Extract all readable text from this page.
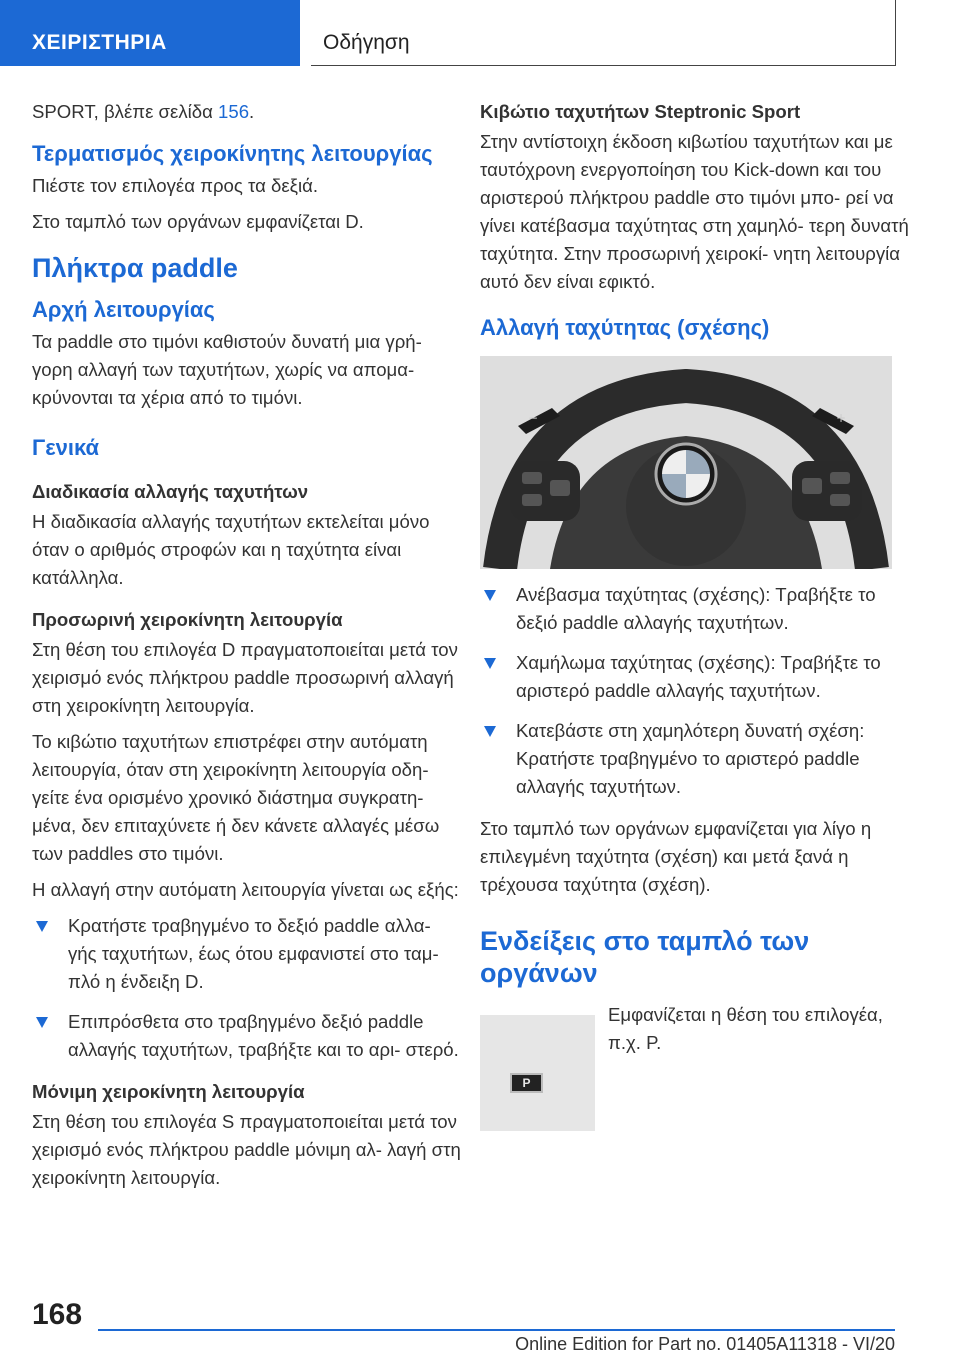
ΧΕΙΡΙΣΤΗΡΙΑ	Οδήγηση

SPORT, βλέπε σελίδα 156.

Τερματισμός χειροκίνητης λειτουργίας

Πιέστε τον επιλογέα προς τα δεξιά.

Στο ταμπλό των οργάνων εμφανίζεται D.

Πλήκτρα paddle
Αρχή λειτουργίας

Τα paddle στο τιμόνι καθιστούν δυνατή μια γρή- γορη αλλαγή των ταχυτήτων, χωρίς να απομα- κρύνονται τα χέρια από το τιμόνι.

Γενικά
Διαδικασία αλλαγής ταχυτήτων

Η διαδικασία αλλαγής ταχυτήτων εκτελείται μόνο όταν ο αριθμός στροφών και η ταχύτητα είναι κατάλληλα.

Προσωρινή χειροκίνητη λειτουργία

Στη θέση του επιλογέα D πραγματοποιείται μετά τον χειρισμό ενός πλήκτρου paddle προσωρινή αλλαγή στη χειροκίνητη λειτουργία.

Το κιβώτιο ταχυτήτων επιστρέφει στην αυτόματη λειτουργία, όταν στη χειροκίνητη λειτουργία οδη- γείτε ένα ορισμένο χρονικό διάστημα συγκρατη- μένα, δεν επιταχύνετε ή δεν κάνετε αλλαγές μέσω των paddles στο τιμόνι.

Η αλλαγή στην αυτόματη λειτουργία γίνεται ως εξής:

Κρατήστε τραβηγμένο το δεξιό paddle αλλα- γής ταχυτήτων, έως ότου εμφανιστεί στο ταμ- πλό η ένδειξη D.
Επιπρόσθετα στο τραβηγμένο δεξιό paddle αλλαγής ταχυτήτων, τραβήξτε και το αρι- στερό.
Μόνιμη χειροκίνητη λειτουργία

Στη θέση του επιλογέα S πραγματοποιείται μετά τον χειρισμό ενός πλήκτρου paddle μόνιμη αλ- λαγή στη χειροκίνητη λειτουργία.

Κιβώτιο ταχυτήτων Steptronic Sport

Στην αντίστοιχη έκδοση κιβωτίου ταχυτήτων και με ταυτόχρονη ενεργοποίηση του Kick-down και του αριστερού πλήκτρου paddle στο τιμόνι μπο- ρεί να γίνει κατέβασμα ταχύτητας στη χαμηλό- τερη δυνατή ταχύτητα. Στην προσωρινή χειροκί- νητη λειτουργία αυτό δεν είναι εφικτό.

Αλλαγή ταχύτητας (σχέσης)
−	+
Ανέβασμα ταχύτητας (σχέσης): Τραβήξτε το δεξιό paddle αλλαγής ταχυτήτων.
Χαμήλωμα ταχύτητας (σχέσης): Τραβήξτε το αριστερό paddle αλλαγής ταχυτήτων.
Κατεβάστε στη χαμηλότερη δυνατή σχέση: Κρατήστε τραβηγμένο το αριστερό paddle αλλαγής ταχυτήτων.

Στο ταμπλό των οργάνων εμφανίζεται για λίγο η επιλεγμένη ταχύτητα (σχέση) και μετά ξανά η τρέχουσα ταχύτητα (σχέση).

Ενδείξεις στο ταμπλό των οργάνων
P

Εμφανίζεται η θέση του επιλογέα, π.χ. P.

168
Online Edition for Part no. 01405A11318 - VI/20
